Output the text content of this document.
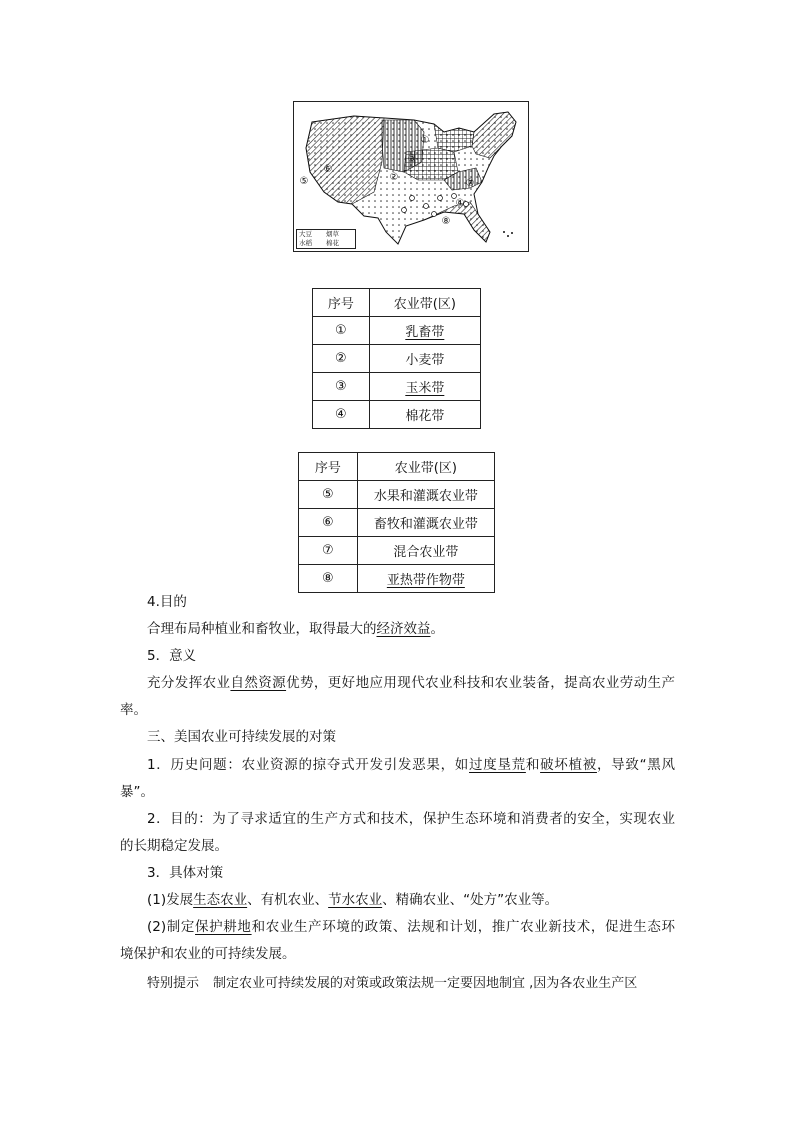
①
②
③
④
⑤
⑥
⑦
⑧
大豆	烟草
水稻	棉花
序号	农业带(区)
①	乳畜带
②	小麦带
③	玉米带
④	棉花带
序号	农业带(区)
⑤	水果和灌溉农业带
⑥	畜牧和灌溉农业带
⑦	混合农业带
⑧	亚热带作物带

4.目的

合理布局种植业和畜牧业，取得最大的经济效益。

5．意义

充分发挥农业自然资源优势，更好地应用现代农业科技和农业装备，提高农业劳动生产

率。

三、美国农业可持续发展的对策

1．历史问题：农业资源的掠夺式开发引发恶果，如过度垦荒和破坏植被，导致“黑风

暴”。

2．目的：为了寻求适宜的生产方式和技术，保护生态环境和消费者的安全，实现农业

的长期稳定发展。

3．具体对策

(1)发展生态农业、有机农业、节水农业、精确农业、“处方”农业等。

(2)制定保护耕地和农业生产环境的政策、法规和计划，推广农业新技术，促进生态环

境保护和农业的可持续发展。

特别提示 制定农业可持续发展的对策或政策法规一定要因地制宜 ,因为各农业生产区
